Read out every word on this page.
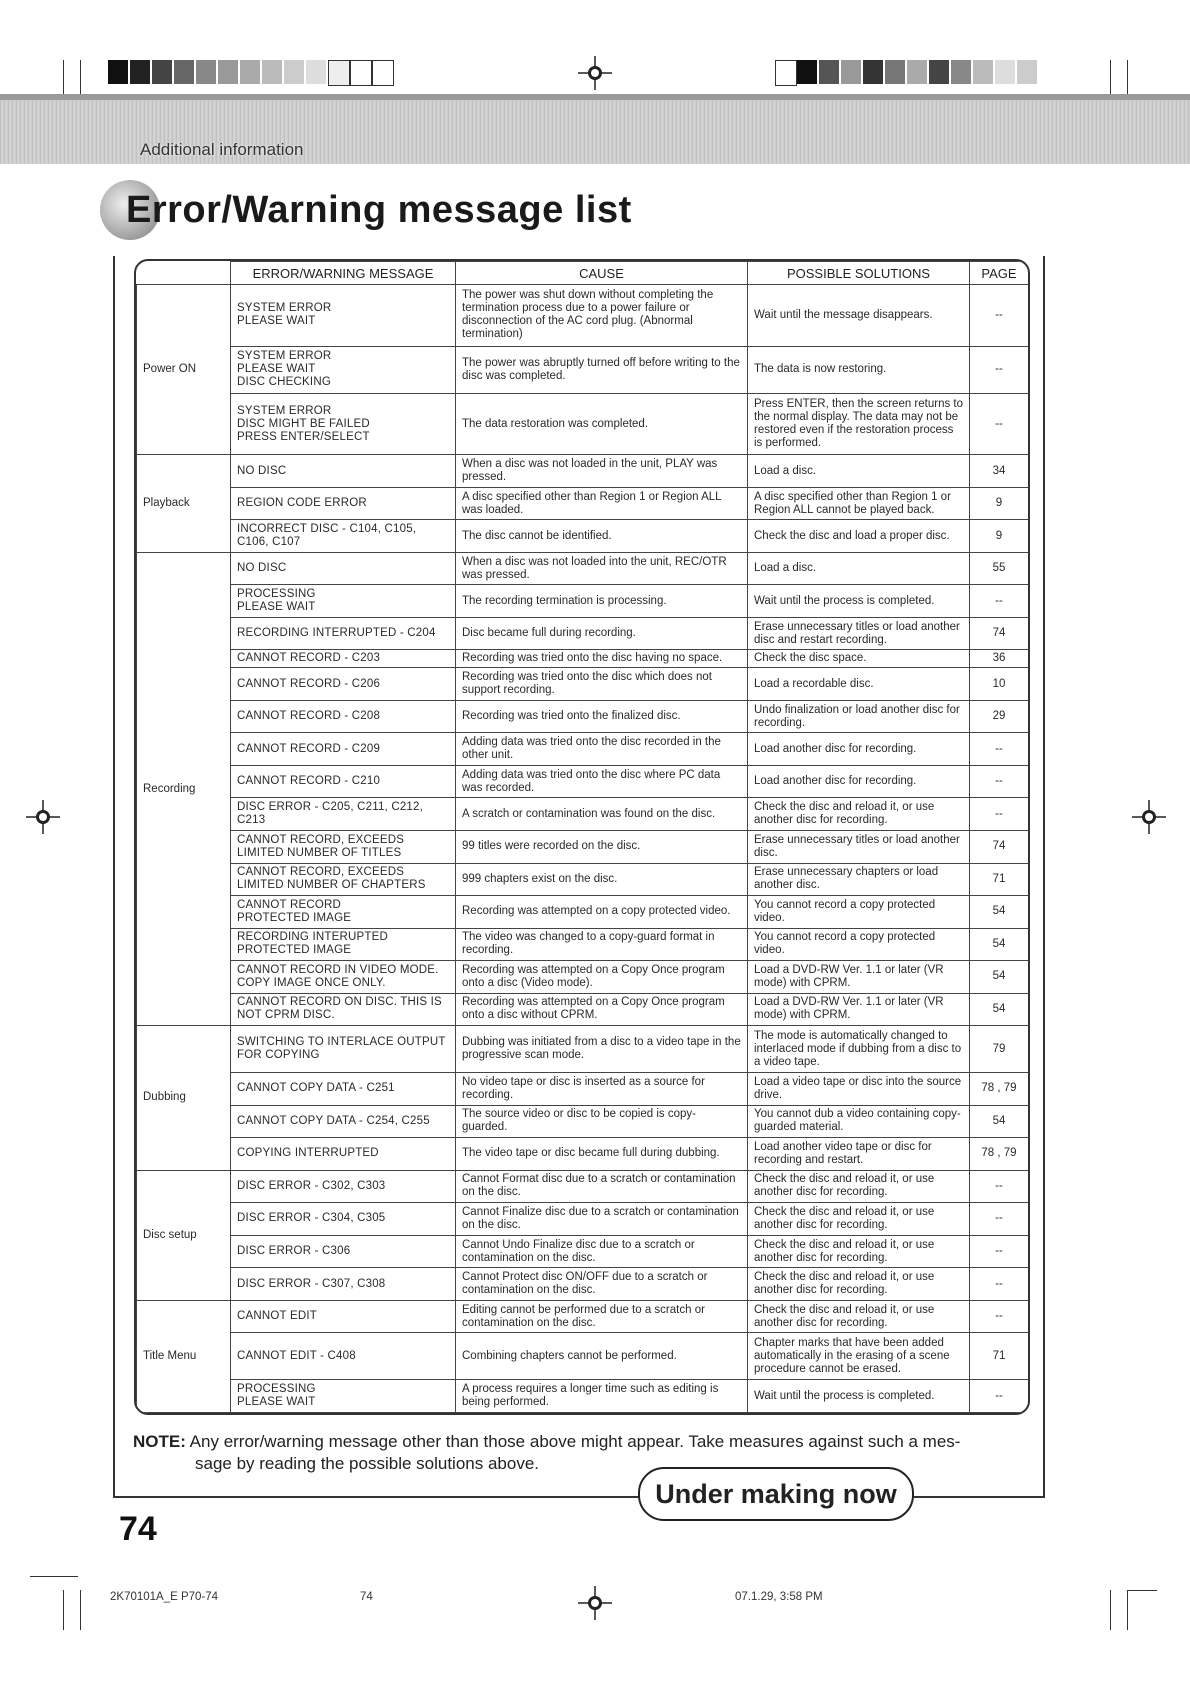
Additional information
Error/Warning message list
	ERROR/WARNING MESSAGE	CAUSE	POSSIBLE SOLUTIONS	PAGE
Power ON	SYSTEM ERROR
PLEASE WAIT	The power was shut down without completing the termination process due to a power failure or disconnection of the AC cord plug. (Abnormal termination)	Wait until the message disappears.	--
	SYSTEM ERROR
PLEASE WAIT
DISC CHECKING	The power was abruptly turned off before writing to the disc was completed.	The data is now restoring.	--
	SYSTEM ERROR
DISC MIGHT BE FAILED
PRESS ENTER/SELECT	The data restoration was completed.	Press ENTER, then the screen returns to the normal display. The data may not be restored even if the restoration process is performed.	--
Playback	NO DISC	When a disc was not loaded in the unit, PLAY was pressed.	Load a disc.	34
	REGION CODE ERROR	A disc specified other than Region 1 or Region ALL was loaded.	A disc specified other than Region 1 or Region ALL cannot be played back.	9
	INCORRECT DISC - C104, C105, C106, C107	The disc cannot be identified.	Check the disc and load a proper disc.	9
Recording	NO DISC	When a disc was not loaded into the unit, REC/OTR was pressed.	Load a disc.	55
	PROCESSING
PLEASE WAIT	The recording termination is processing.	Wait until the process is completed.	--
	RECORDING INTERRUPTED - C204	Disc became full during recording.	Erase unnecessary titles or load another disc and restart recording.	74
	CANNOT RECORD - C203	Recording was tried onto the disc having no space.	Check the disc space.	36
	CANNOT RECORD - C206	Recording was tried onto the disc which does not support recording.	Load a recordable disc.	10
	CANNOT RECORD - C208	Recording was tried onto the finalized disc.	Undo finalization or load another disc for recording.	29
	CANNOT RECORD - C209	Adding data was tried onto the disc recorded in the other unit.	Load another disc for recording.	--
	CANNOT RECORD - C210	Adding data was tried onto the disc where PC data was recorded.	Load another disc for recording.	--
	DISC ERROR - C205, C211, C212, C213	A scratch or contamination was found on the disc.	Check the disc and reload it, or use another disc for recording.	--
	CANNOT RECORD, EXCEEDS LIMITED NUMBER OF TITLES	99 titles were recorded on the disc.	Erase unnecessary titles or load another disc.	74
	CANNOT RECORD, EXCEEDS LIMITED NUMBER OF CHAPTERS	999 chapters exist on the disc.	Erase unnecessary chapters or load another disc.	71
	CANNOT RECORD
PROTECTED IMAGE	Recording was attempted on a copy protected video.	You cannot record a copy protected video.	54
	RECORDING INTERUPTED
PROTECTED IMAGE	The video was changed to a copy-guard format in recording.	You cannot record a copy protected video.	54
	CANNOT RECORD IN VIDEO MODE. COPY IMAGE ONCE ONLY.	Recording was attempted on a Copy Once program onto a disc (Video mode).	Load a DVD-RW Ver. 1.1 or later (VR mode) with CPRM.	54
	CANNOT RECORD ON DISC. THIS IS NOT CPRM DISC.	Recording was attempted on a Copy Once program onto a disc without CPRM.	Load a DVD-RW Ver. 1.1 or later (VR mode) with CPRM.	54
Dubbing	SWITCHING TO INTERLACE OUTPUT FOR COPYING	Dubbing was initiated from a disc to a video tape in the progressive scan mode.	The mode is automatically changed to interlaced mode if dubbing from a disc to a video tape.	79
	CANNOT COPY DATA - C251	No video tape or disc is inserted as a source for recording.	Load a video tape or disc into the source drive.	78 , 79
	CANNOT COPY DATA - C254, C255	The source video or disc to be copied is copy-guarded.	You cannot dub a video containing copy-guarded material.	54
	COPYING INTERRUPTED	The video tape or disc became full during dubbing.	Load another video tape or disc for recording and restart.	78 , 79
Disc setup	DISC ERROR - C302, C303	Cannot Format disc due to a scratch or contamination on the disc.	Check the disc and reload it, or use another disc for recording.	--
	DISC ERROR - C304, C305	Cannot Finalize disc due to a scratch or contamination on the disc.	Check the disc and reload it, or use another disc for recording.	--
	DISC ERROR - C306	Cannot Undo Finalize disc due to a scratch or contamination on the disc.	Check the disc and reload it, or use another disc for recording.	--
	DISC ERROR - C307, C308	Cannot Protect disc ON/OFF due to a scratch or contamination on the disc.	Check the disc and reload it, or use another disc for recording.	--
Title Menu	CANNOT EDIT	Editing cannot be performed due to a scratch or contamination on the disc.	Check the disc and reload it, or use another disc for recording.	--
	CANNOT EDIT - C408	Combining chapters cannot be performed.	Chapter marks that have been added automatically in the erasing of a scene procedure cannot be erased.	71
	PROCESSING
PLEASE WAIT	A process requires a longer time such as editing is being performed.	Wait until the process is completed.	--
NOTE: Any error/warning message other than those above might appear. Take measures against such a mes-
sage by reading the possible solutions above.
Under making now
74
2K70101A_E P70-74	74	07.1.29, 3:58 PM
